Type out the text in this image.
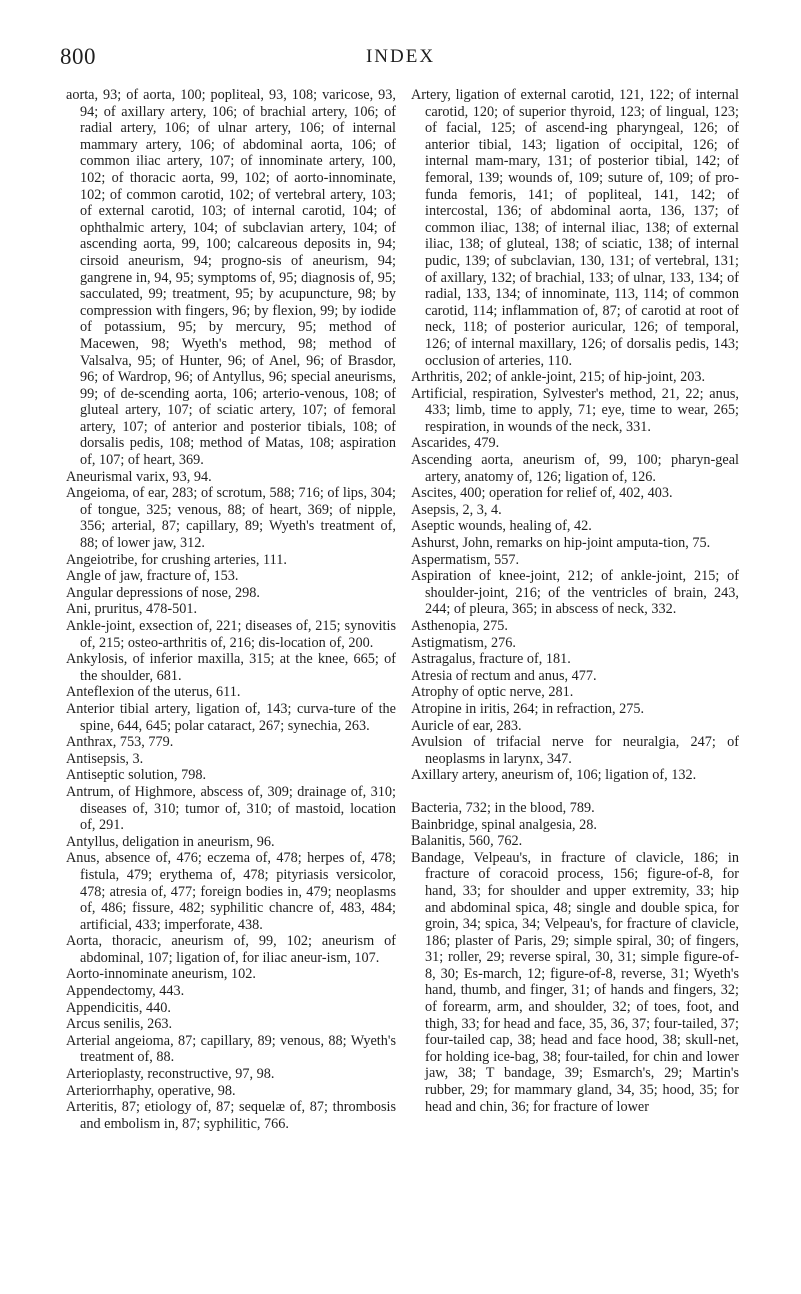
800	INDEX

aorta, 93; of aorta, 100; popliteal, 93, 108; varicose, 93, 94; of axillary artery, 106; of brachial artery, 106; of radial artery, 106; of ulnar artery, 106; of internal mammary artery, 106; of abdominal aorta, 106; of common iliac artery, 107; of innominate artery, 100, 102; of thoracic aorta, 99, 102; of aorto-innominate, 102; of common carotid, 102; of vertebral artery, 103; of external carotid, 103; of internal carotid, 104; of ophthalmic artery, 104; of subclavian artery, 104; of ascending aorta, 99, 100; calcareous deposits in, 94; cirsoid aneurism, 94; progno-sis of aneurism, 94; gangrene in, 94, 95; symptoms of, 95; diagnosis of, 95; sacculated, 99; treatment, 95; by acupuncture, 98; by compression with fingers, 96; by flexion, 99; by iodide of potassium, 95; by mercury, 95; method of Macewen, 98; Wyeth's method, 98; method of Valsalva, 95; of Hunter, 96; of Anel, 96; of Brasdor, 96; of Wardrop, 96; of Antyllus, 96; special aneurisms, 99; of de-scending aorta, 106; arterio-venous, 108; of gluteal artery, 107; of sciatic artery, 107; of femoral artery, 107; of anterior and posterior tibials, 108; of dorsalis pedis, 108; method of Matas, 108; aspiration of, 107; of heart, 369.

Aneurismal varix, 93, 94.

Angeioma, of ear, 283; of scrotum, 588; 716; of lips, 304; of tongue, 325; venous, 88; of heart, 369; of nipple, 356; arterial, 87; capillary, 89; Wyeth's treatment of, 88; of lower jaw, 312.

Angeiotribe, for crushing arteries, 111.

Angle of jaw, fracture of, 153.

Angular depressions of nose, 298.

Ani, pruritus, 478-501.

Ankle-joint, exsection of, 221; diseases of, 215; synovitis of, 215; osteo-arthritis of, 216; dis-location of, 200.

Ankylosis, of inferior maxilla, 315; at the knee, 665; of the shoulder, 681.

Anteflexion of the uterus, 611.

Anterior tibial artery, ligation of, 143; curva-ture of the spine, 644, 645; polar cataract, 267; synechia, 263.

Anthrax, 753, 779.

Antisepsis, 3.

Antiseptic solution, 798.

Antrum, of Highmore, abscess of, 309; drainage of, 310; diseases of, 310; tumor of, 310; of mastoid, location of, 291.

Antyllus, deligation in aneurism, 96.

Anus, absence of, 476; eczema of, 478; herpes of, 478; fistula, 479; erythema of, 478; pityriasis versicolor, 478; atresia of, 477; foreign bodies in, 479; neoplasms of, 486; fissure, 482; syphilitic chancre of, 483, 484; artificial, 433; imperforate, 438.

Aorta, thoracic, aneurism of, 99, 102; aneurism of abdominal, 107; ligation of, for iliac aneur-ism, 107.

Aorto-innominate aneurism, 102.

Appendectomy, 443.

Appendicitis, 440.

Arcus senilis, 263.

Arterial angeioma, 87; capillary, 89; venous, 88; Wyeth's treatment of, 88.

Arterioplasty, reconstructive, 97, 98.

Arteriorrhaphy, operative, 98.

Arteritis, 87; etiology of, 87; sequelæ of, 87; thrombosis and embolism in, 87; syphilitic, 766.

Artery, ligation of external carotid, 121, 122; of internal carotid, 120; of superior thyroid, 123; of lingual, 123; of facial, 125; of ascend-ing pharyngeal, 126; of anterior tibial, 143; ligation of occipital, 126; of internal mam-mary, 131; of posterior tibial, 142; of femoral, 139; wounds of, 109; suture of, 109; of pro-funda femoris, 141; of popliteal, 141, 142; of intercostal, 136; of abdominal aorta, 136, 137; of common iliac, 138; of internal iliac, 138; of external iliac, 138; of gluteal, 138; of sciatic, 138; of internal pudic, 139; of subclavian, 130, 131; of vertebral, 131; of axillary, 132; of brachial, 133; of ulnar, 133, 134; of radial, 133, 134; of innominate, 113, 114; of common carotid, 114; inflammation of, 87; of carotid at root of neck, 118; of posterior auricular, 126; of temporal, 126; of internal maxillary, 126; of dorsalis pedis, 143; occlusion of arteries, 110.

Arthritis, 202; of ankle-joint, 215; of hip-joint, 203.

Artificial, respiration, Sylvester's method, 21, 22; anus, 433; limb, time to apply, 71; eye, time to wear, 265; respiration, in wounds of the neck, 331.

Ascarides, 479.

Ascending aorta, aneurism of, 99, 100; pharyn-geal artery, anatomy of, 126; ligation of, 126.

Ascites, 400; operation for relief of, 402, 403.

Asepsis, 2, 3, 4.

Aseptic wounds, healing of, 42.

Ashurst, John, remarks on hip-joint amputa-tion, 75.

Aspermatism, 557.

Aspiration of knee-joint, 212; of ankle-joint, 215; of shoulder-joint, 216; of the ventricles of brain, 243, 244; of pleura, 365; in abscess of neck, 332.

Asthenopia, 275.

Astigmatism, 276.

Astragalus, fracture of, 181.

Atresia of rectum and anus, 477.

Atrophy of optic nerve, 281.

Atropine in iritis, 264; in refraction, 275.

Auricle of ear, 283.

Avulsion of trifacial nerve for neuralgia, 247; of neoplasms in larynx, 347.

Axillary artery, aneurism of, 106; ligation of, 132.

Bacteria, 732; in the blood, 789.

Bainbridge, spinal analgesia, 28.

Balanitis, 560, 762.

Bandage, Velpeau's, in fracture of clavicle, 186; in fracture of coracoid process, 156; figure-of-8, for hand, 33; for shoulder and upper extremity, 33; hip and abdominal spica, 48; single and double spica, for groin, 34; spica, 34; Velpeau's, for fracture of clavicle, 186; plaster of Paris, 29; simple spiral, 30; of fingers, 31; roller, 29; reverse spiral, 30, 31; simple figure-of-8, 30; Es-march, 12; figure-of-8, reverse, 31; Wyeth's hand, thumb, and finger, 31; of hands and fingers, 32; of forearm, arm, and shoulder, 32; of toes, foot, and thigh, 33; for head and face, 35, 36, 37; four-tailed, 37; four-tailed cap, 38; head and face hood, 38; skull-net, for holding ice-bag, 38; four-tailed, for chin and lower jaw, 38; T bandage, 39; Esmarch's, 29; Martin's rubber, 29; for mammary gland, 34, 35; hood, 35; for head and chin, 36; for fracture of lower
